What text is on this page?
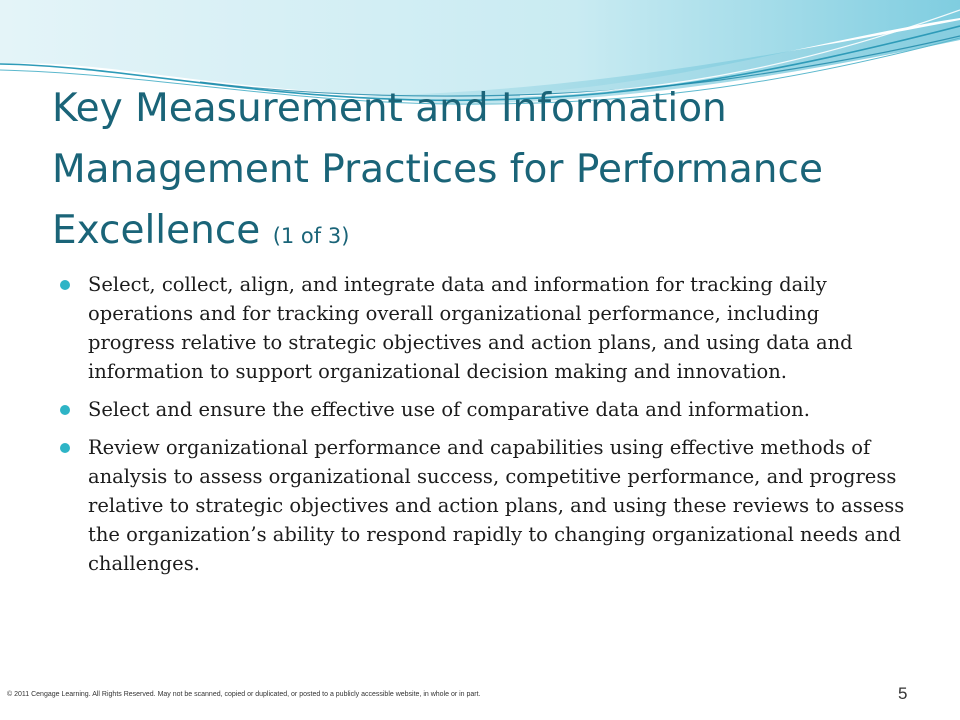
Key Measurement and Information Management Practices for Performance Excellence (1 of 3)
Select, collect, align, and integrate data and information for tracking daily operations and for tracking overall organizational performance, including progress relative to strategic objectives and action plans, and using data and information to support organizational decision making and innovation.
Select and ensure the effective use of comparative data and information.
Review organizational performance and capabilities using effective methods of analysis to assess organizational success, competitive performance, and progress relative to strategic objectives and action plans, and using these reviews to assess the organization’s ability to respond rapidly to changing organizational needs and challenges.
© 2011 Cengage Learning. All Rights Reserved. May not be scanned, copied or duplicated, or posted to a publicly accessible website, in whole or in part.	5
